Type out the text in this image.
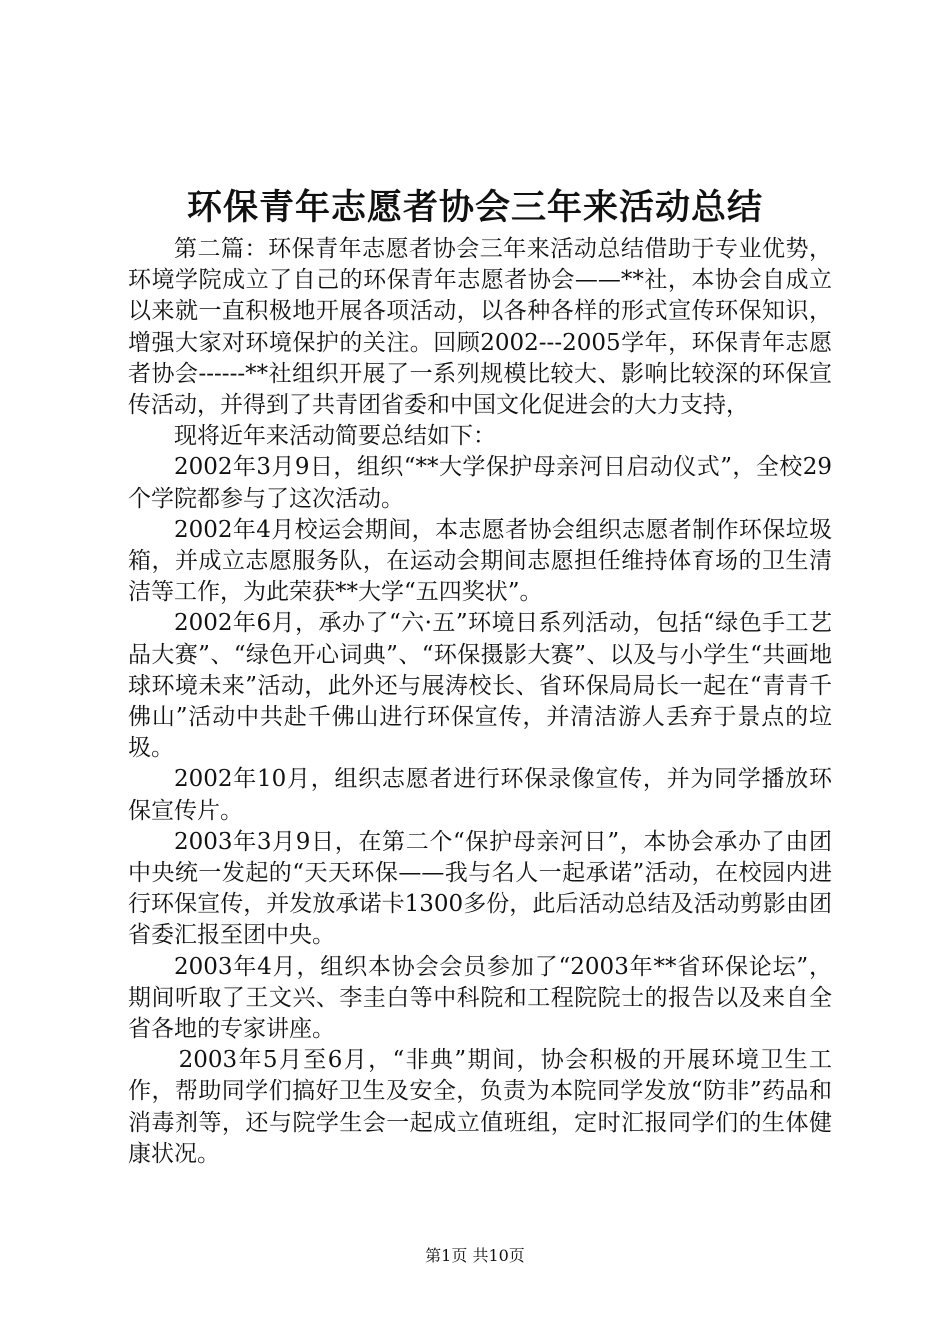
环保青年志愿者协会三年来活动总结

第二篇：环保青年志愿者协会三年来活动总结借助于专业优势，环境学院成立了自己的环保青年志愿者协会——**社，本协会自成立以来就一直积极地开展各项活动，以各种各样的形式宣传环保知识，增强大家对环境保护的关注。回顾2002---2005学年，环保青年志愿者协会------**社组织开展了一系列规模比较大、影响比较深的环保宣传活动，并得到了共青团省委和中国文化促进会的大力支持，

现将近年来活动简要总结如下：

2002年3月9日，组织“**大学保护母亲河日启动仪式”，全校29个学院都参与了这次活动。

2002年4月校运会期间，本志愿者协会组织志愿者制作环保垃圾箱，并成立志愿服务队，在运动会期间志愿担任维持体育场的卫生清洁等工作，为此荣获**大学“五四奖状”。

2002年6月，承办了“六·五”环境日系列活动，包括“绿色手工艺品大赛”、“绿色开心词典”、“环保摄影大赛”、以及与小学生“共画地球环境未来”活动，此外还与展涛校长、省环保局局长一起在“青青千佛山”活动中共赴千佛山进行环保宣传，并清洁游人丢弃于景点的垃圾。

2002年10月，组织志愿者进行环保录像宣传，并为同学播放环保宣传片。

2003年3月9日，在第二个“保护母亲河日”，本协会承办了由团中央统一发起的“天天环保——我与名人一起承诺”活动，在校园内进行环保宣传，并发放承诺卡1300多份，此后活动总结及活动剪影由团省委汇报至团中央。

2003年4月，组织本协会会员参加了“2003年**省环保论坛”，期间听取了王文兴、李圭白等中科院和工程院院士的报告以及来自全省各地的专家讲座。

2003年5月至6月，“非典”期间，协会积极的开展环境卫生工作，帮助同学们搞好卫生及安全，负责为本院同学发放“防非”药品和消毒剂等，还与院学生会一起成立值班组，定时汇报同学们的生体健康状况。

第1页 共10页
